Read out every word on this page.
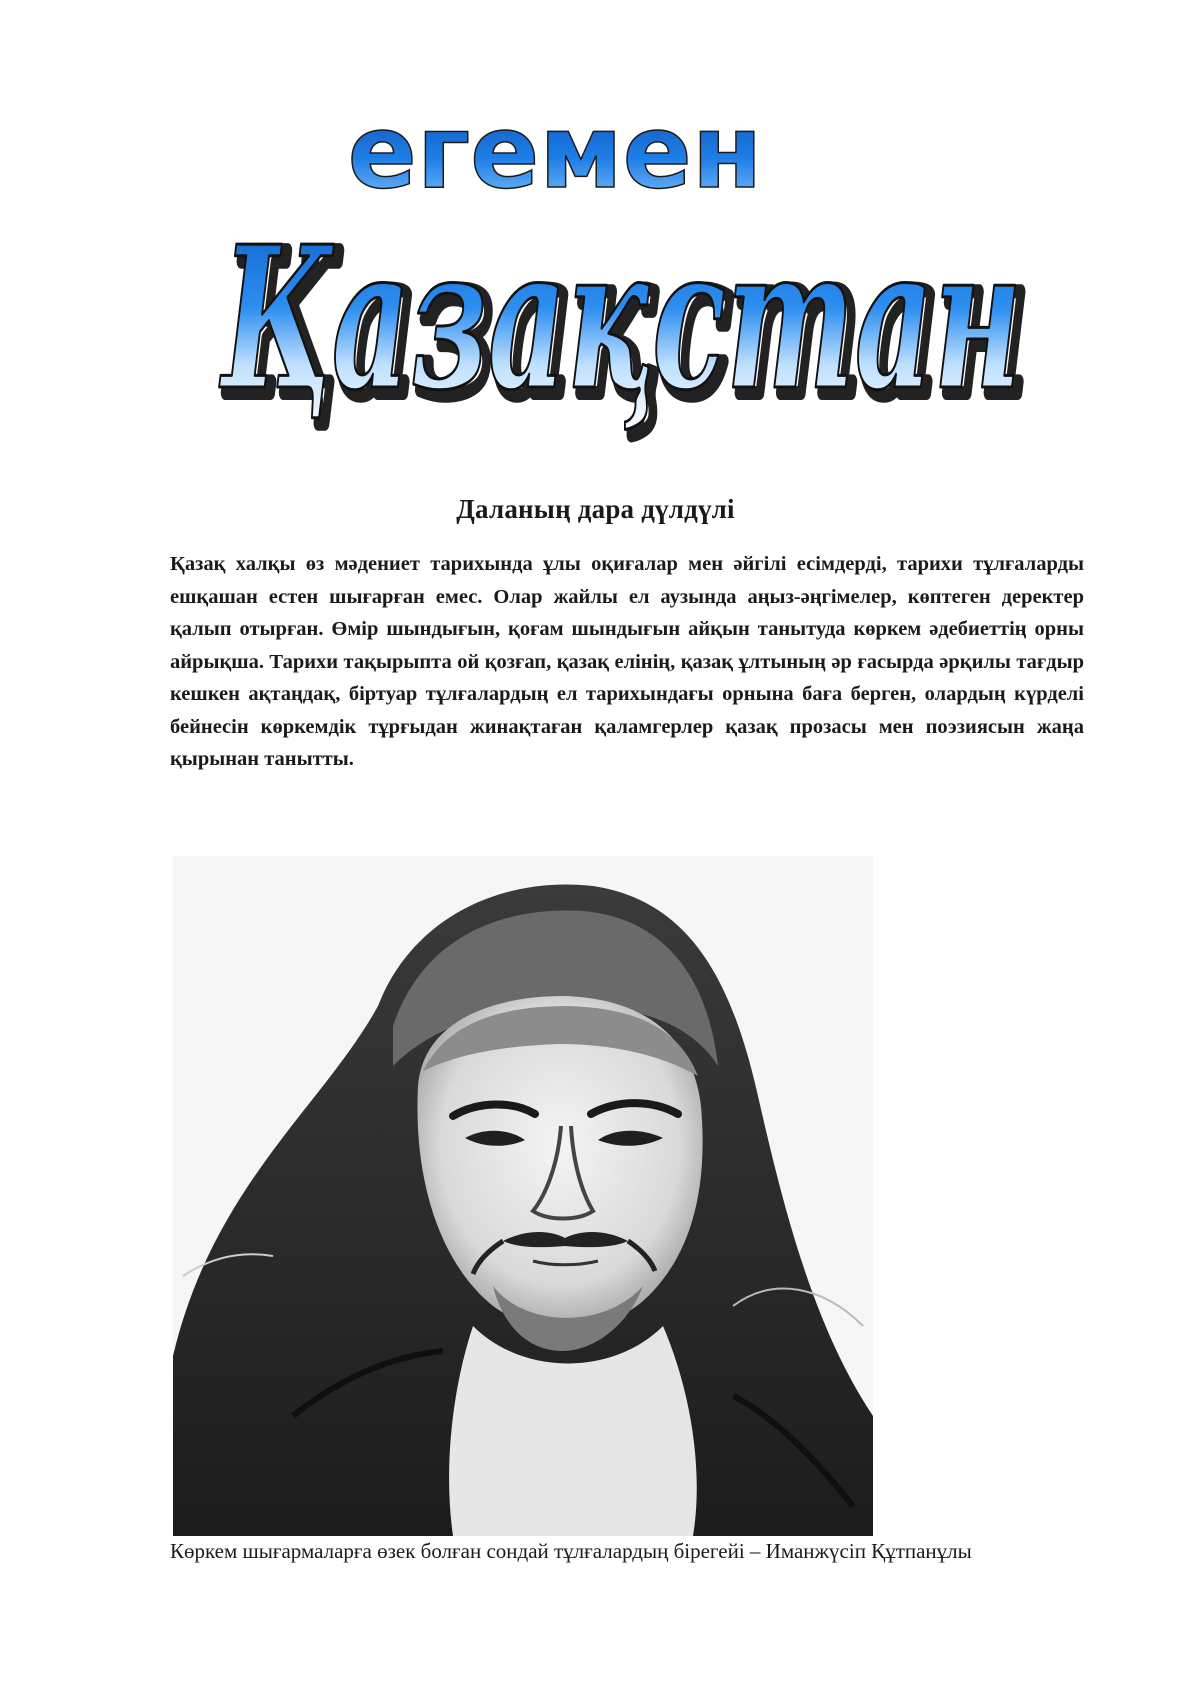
егемен
Қазақстан
Қазақстан
Даланың дара дүлдүлі

Қазақ халқы өз мәдениет тарихында ұлы оқиғалар мен әйгілі есімдерді, тарихи тұлғаларды ешқашан естен шығарған емес. Олар жайлы ел аузында аңыз-әңгімелер, көптеген деректер қалып отырған. Өмір шындығын, қоғам шындығын айқын танытуда көркем әдебиеттің орны айрықша. Тарихи тақырыпта ой қозғап, қазақ елінің, қазақ ұлтының әр ғасырда әрқилы тағдыр кешкен ақтаңдақ, біртуар тұлғалардың ел тарихындағы орнына баға берген, олардың күрделі бейнесін көркемдік тұрғыдан жинақтаған қаламгерлер қазақ прозасы мен поэзиясын жаңа қырынан танытты.

Көркем шығармаларға өзек болған сондай тұлғалардың бірегейі – Иманжүсіп Құтпанұлы
